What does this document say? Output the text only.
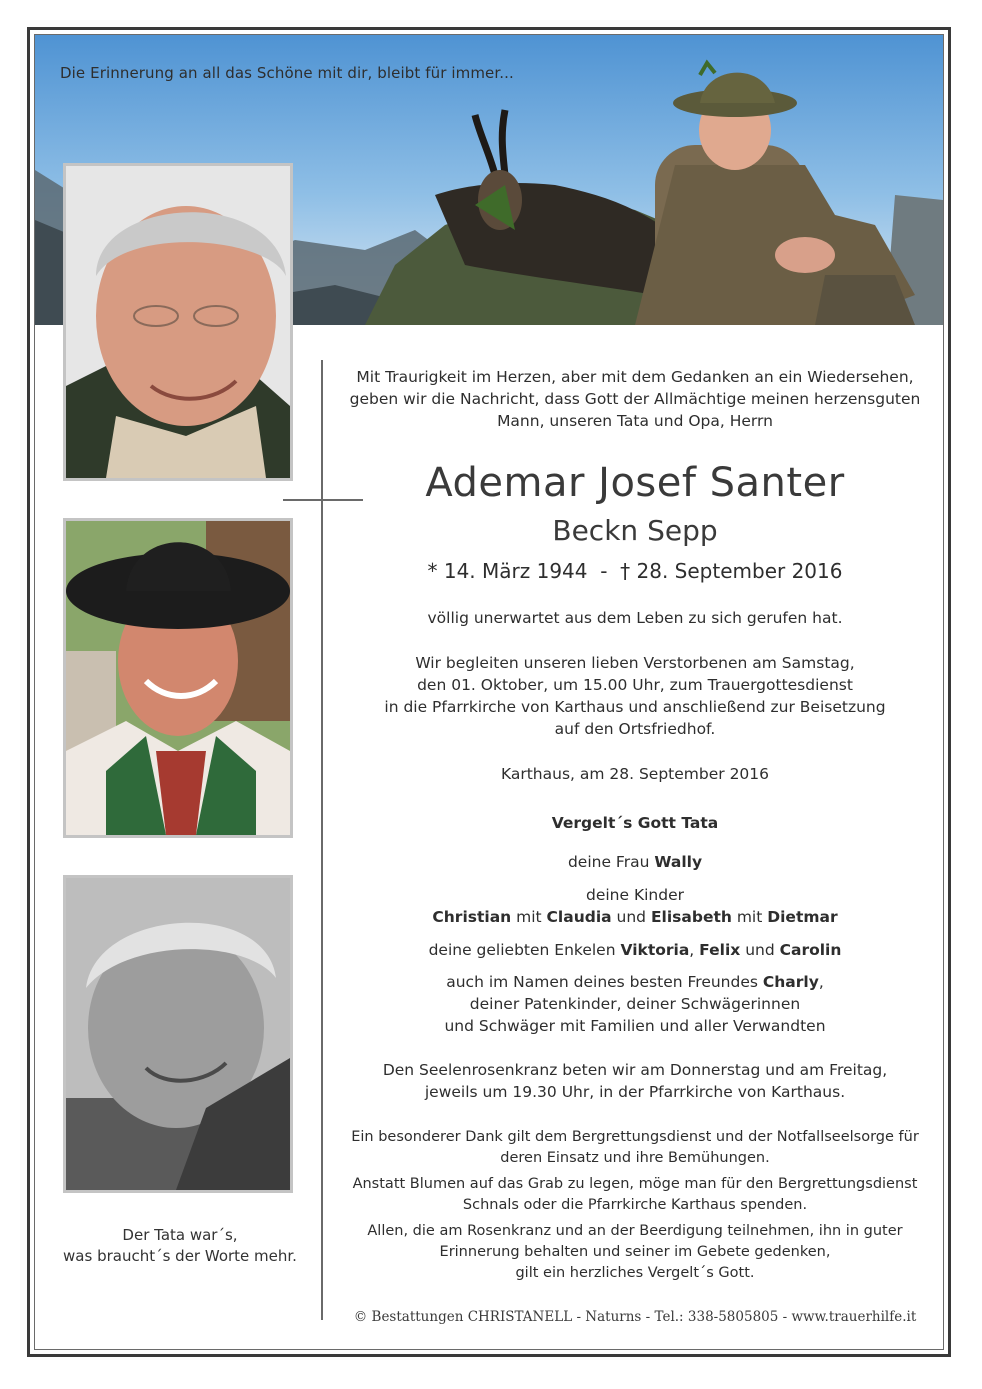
Die Erinnerung an all das Schöne mit dir, bleibt für immer...
Der Tata war´s,
was braucht´s der Worte mehr.
Mit Traurigkeit im Herzen, aber mit dem Gedanken an ein Wiedersehen,
geben wir die Nachricht, dass Gott der Allmächtige meinen herzensguten
Mann, unseren Tata und Opa, Herrn
Ademar Josef Santer
Beckn Sepp
* 14. März 1944  -  † 28. September 2016
völlig unerwartet aus dem Leben zu sich gerufen hat.
Wir begleiten unseren lieben Verstorbenen am Samstag,
den 01. Oktober, um 15.00 Uhr, zum Trauergottesdienst
in die Pfarrkirche von Karthaus und anschließend zur Beisetzung
auf den Ortsfriedhof.
Karthaus, am 28. September 2016
Vergelt´s Gott Tata
deine Frau Wally
deine Kinder
Christian mit Claudia und Elisabeth mit Dietmar
deine geliebten Enkelen Viktoria, Felix und Carolin
auch im Namen deines besten Freundes Charly,
deiner Patenkinder, deiner Schwägerinnen
und Schwäger mit Familien und aller Verwandten
Den Seelenrosenkranz beten wir am Donnerstag und am Freitag,
jeweils um 19.30 Uhr, in der Pfarrkirche von Karthaus.
Ein besonderer Dank gilt dem Bergrettungsdienst und der Notfallseelsorge für
deren Einsatz und ihre Bemühungen.
Anstatt Blumen auf das Grab zu legen, möge man für den Bergrettungsdienst
Schnals oder die Pfarrkirche Karthaus spenden.
Allen, die am Rosenkranz und an der Beerdigung teilnehmen, ihn in guter
Erinnerung behalten und seiner im Gebete gedenken,
gilt ein herzliches Vergelt´s Gott.
© Bestattungen CHRISTANELL - Naturns - Tel.: 338-5805805 - www.trauerhilfe.it
